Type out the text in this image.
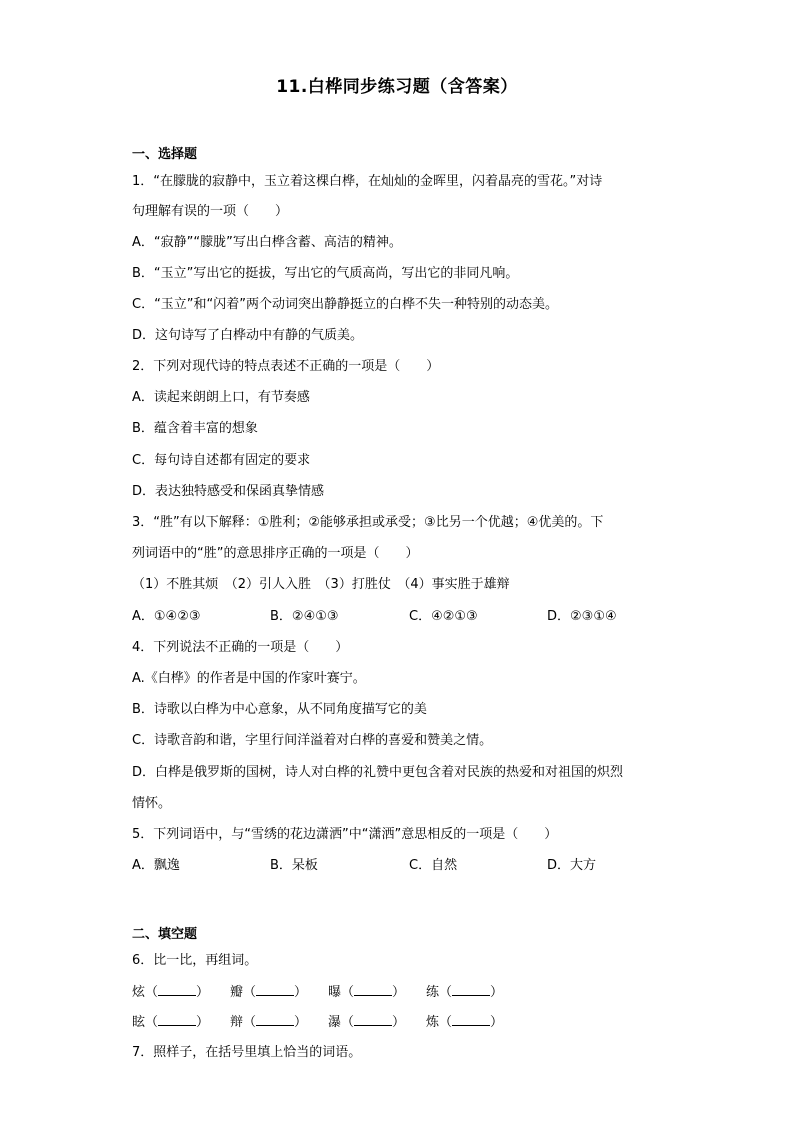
11.白桦同步练习题（含答案）
一、选择题
1．“在朦胧的寂静中，玉立着这棵白桦，在灿灿的金晖里，闪着晶亮的雪花。”对诗
句理解有误的一项（　　）
A．“寂静”“朦胧”写出白桦含蓄、高洁的精神。
B．“玉立”写出它的挺拔，写出它的气质高尚，写出它的非同凡响。
C．“玉立”和“闪着”两个动词突出静静挺立的白桦不失一种特别的动态美。
D．这句诗写了白桦动中有静的气质美。
2．下列对现代诗的特点表述不正确的一项是（　　）
A．读起来朗朗上口，有节奏感
B．蕴含着丰富的想象
C．每句诗自述都有固定的要求
D．表达独特感受和保函真挚情感
3．“胜”有以下解释：①胜利；②能够承担或承受；③比另一个优越；④优美的。下
列词语中的“胜”的意思排序正确的一项是（　　）
（1）不胜其烦　（2）引人入胜　（3）打胜仗　（4）事实胜于雄辩
A．①④②③	B．②④①③	C．④②①③	D．②③①④
4．下列说法不正确的一项是（　　）
A.《白桦》的作者是中国的作家叶赛宁。
B．诗歌以白桦为中心意象，从不同角度描写它的美
C．诗歌音韵和谐，字里行间洋溢着对白桦的喜爱和赞美之情。
D．白桦是俄罗斯的国树，诗人对白桦的礼赞中更包含着对民族的热爱和对祖国的炽烈
情怀。
5．下列词语中，与“雪绣的花边潇洒”中“潇洒”意思相反的一项是（　　）
A．飘逸	B．呆板	C．自然	D．大方
二、填空题
6．比一比，再组词。
炫（	） 瓣（	） 曝（	） 练（	）
眩（	） 辩（	） 瀑（	） 炼（	）
7．照样子，在括号里填上恰当的词语。
